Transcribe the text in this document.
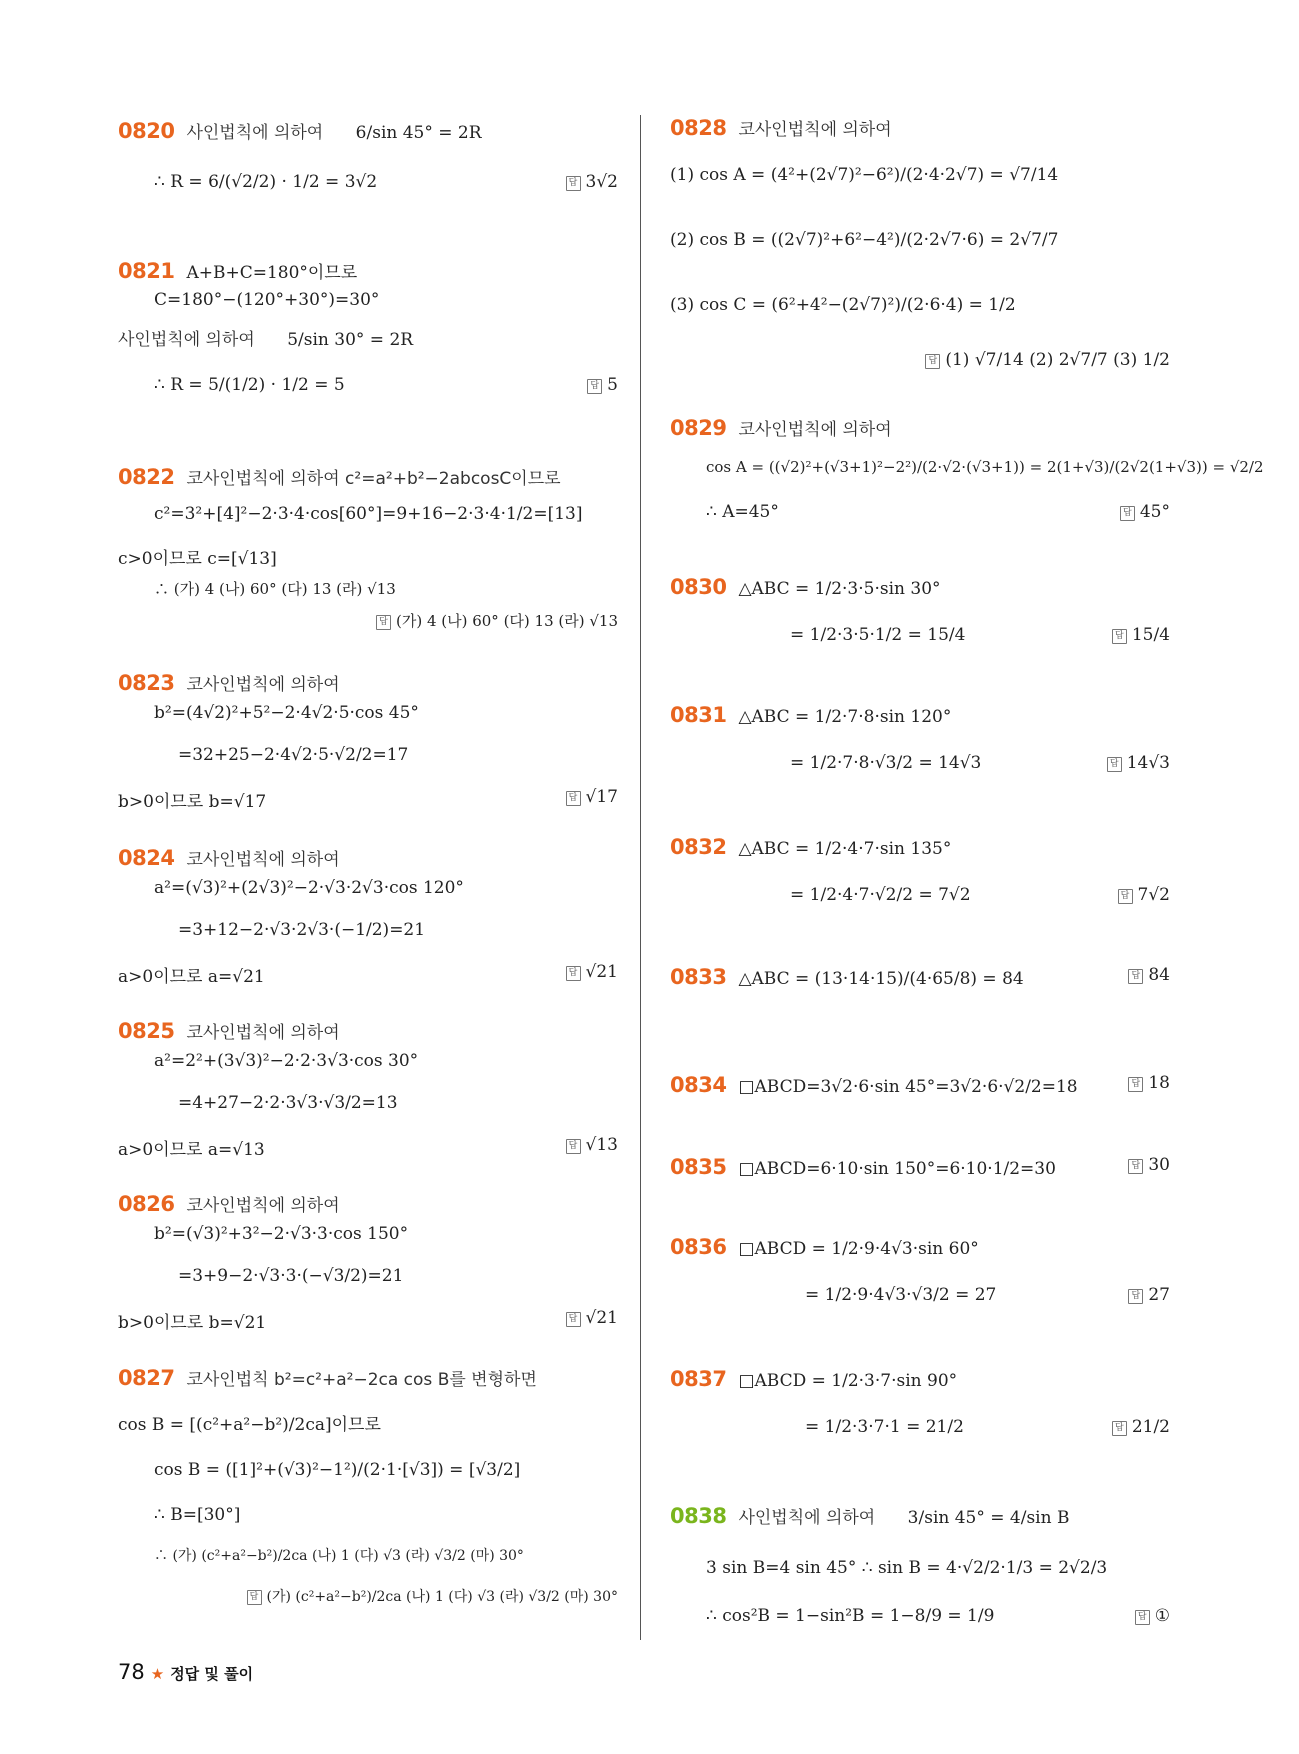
0820 사인법칙에 의하여 6/sin 45° = 2R
∴ R = 6/(√2/2) · 1/2 = 3√2	답 3√2
0821 A+B+C=180°이므로
C=180°−(120°+30°)=30°
사인법칙에 의하여 5/sin 30° = 2R
∴ R = 5/(1/2) · 1/2 = 5	답 5
0822 코사인법칙에 의하여 c²=a²+b²−2abcosC이므로
c²=3²+[4]²−2·3·4·cos[60°]=9+16−2·3·4·1/2=[13]
c>0이므로 c=[√13]
∴ (가) 4 (나) 60° (다) 13 (라) √13
답 (가) 4 (나) 60° (다) 13 (라) √13
0823 코사인법칙에 의하여
b²=(4√2)²+5²−2·4√2·5·cos 45°
=32+25−2·4√2·5·√2/2=17
b>0이므로 b=√17	답 √17
0824 코사인법칙에 의하여
a²=(√3)²+(2√3)²−2·√3·2√3·cos 120°
=3+12−2·√3·2√3·(−1/2)=21
a>0이므로 a=√21	답 √21
0825 코사인법칙에 의하여
a²=2²+(3√3)²−2·2·3√3·cos 30°
=4+27−2·2·3√3·√3/2=13
a>0이므로 a=√13	답 √13
0826 코사인법칙에 의하여
b²=(√3)²+3²−2·√3·3·cos 150°
=3+9−2·√3·3·(−√3/2)=21
b>0이므로 b=√21	답 √21
0827 코사인법칙 b²=c²+a²−2ca cos B를 변형하면
cos B = [(c²+a²−b²)/2ca]이므로
cos B = ([1]²+(√3)²−1²)/(2·1·[√3]) = [√3/2]
∴ B=[30°]
∴ (가) (c²+a²−b²)/2ca (나) 1 (다) √3 (라) √3/2 (마) 30°
답 (가) (c²+a²−b²)/2ca (나) 1 (다) √3 (라) √3/2 (마) 30°
0828 코사인법칙에 의하여
(1) cos A = (4²+(2√7)²−6²)/(2·4·2√7) = √7/14
(2) cos B = ((2√7)²+6²−4²)/(2·2√7·6) = 2√7/7
(3) cos C = (6²+4²−(2√7)²)/(2·6·4) = 1/2
답 (1) √7/14 (2) 2√7/7 (3) 1/2
0829 코사인법칙에 의하여
cos A = ((√2)²+(√3+1)²−2²)/(2·√2·(√3+1)) = 2(1+√3)/(2√2(1+√3)) = √2/2
∴ A=45°	답 45°
0830 △ABC = 1/2·3·5·sin 30°
= 1/2·3·5·1/2 = 15/4	답 15/4
0831 △ABC = 1/2·7·8·sin 120°
= 1/2·7·8·√3/2 = 14√3	답 14√3
0832 △ABC = 1/2·4·7·sin 135°
= 1/2·4·7·√2/2 = 7√2	답 7√2
0833 △ABC = (13·14·15)/(4·65/8) = 84	답 84
0834 □ABCD=3√2·6·sin 45°=3√2·6·√2/2=18	답 18
0835 □ABCD=6·10·sin 150°=6·10·1/2=30	답 30
0836 □ABCD = 1/2·9·4√3·sin 60°
= 1/2·9·4√3·√3/2 = 27	답 27
0837 □ABCD = 1/2·3·7·sin 90°
= 1/2·3·7·1 = 21/2	답 21/2
0838 사인법칙에 의하여 3/sin 45° = 4/sin B
3 sin B=4 sin 45° ∴ sin B = 4·√2/2·1/3 = 2√2/3
∴ cos²B = 1−sin²B = 1−8/9 = 1/9	답 ①
78 ★ 정답 및 풀이
